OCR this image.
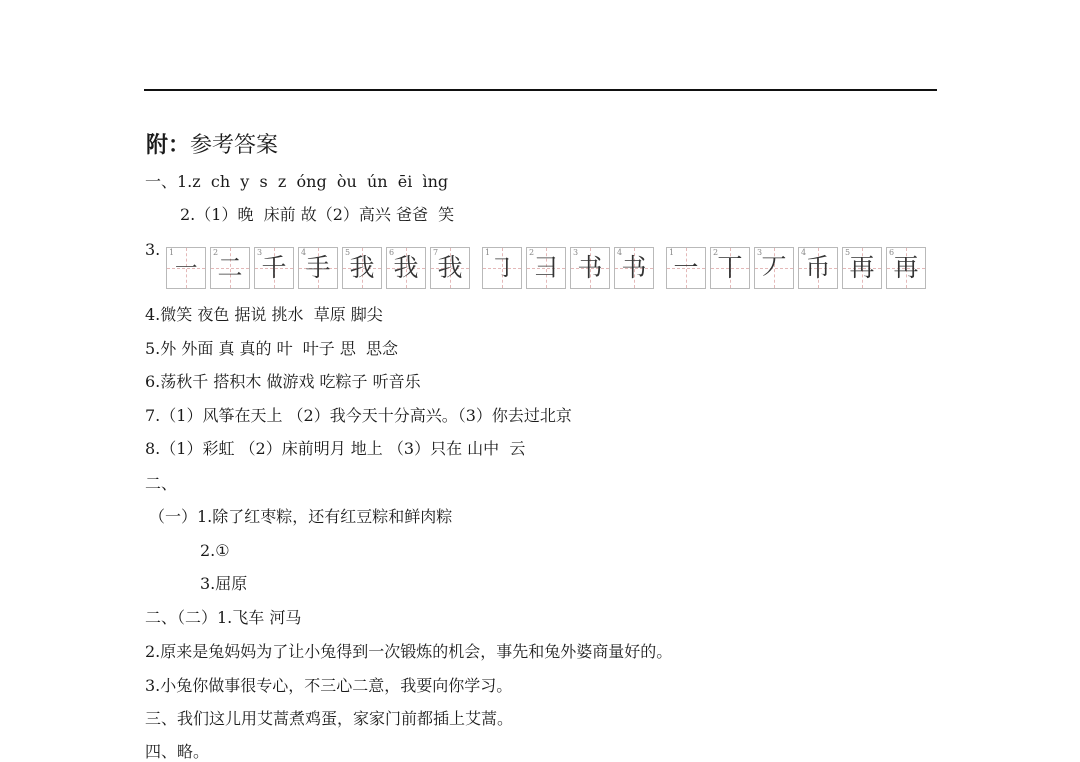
附：参考答案
一、1.z  ch  y  s  z  óng  òu  ún  ēi  ìng
2.（1）晚  床前 故（2）高兴 爸爸  笑
3. 1
㇐
2
二
3
千
4
手
5
我
6
我
7
我
1
㇆
2
⺕
3
书
4
书
1
一
2
丅
3
丆
4
币
5
再
6
再
4.微笑 夜色 据说 挑水  草原 脚尖
5.外 外面 真 真的 叶  叶子 思  思念
6.荡秋千 搭积木 做游戏 吃粽子 听音乐
7.（1）风筝在天上 （2）我今天十分高兴。（3）你去过北京
8.（1）彩虹 （2）床前明月 地上 （3）只在 山中  云
二、
（一）1.除了红枣粽，还有红豆粽和鲜肉粽
2.①
3.屈原
二、（二）1.飞车 河马
2.原来是兔妈妈为了让小兔得到一次锻炼的机会，事先和兔外婆商量好的。
3.小兔你做事很专心，不三心二意，我要向你学习。
三、我们这儿用艾蒿煮鸡蛋，家家门前都插上艾蒿。
四、略。
